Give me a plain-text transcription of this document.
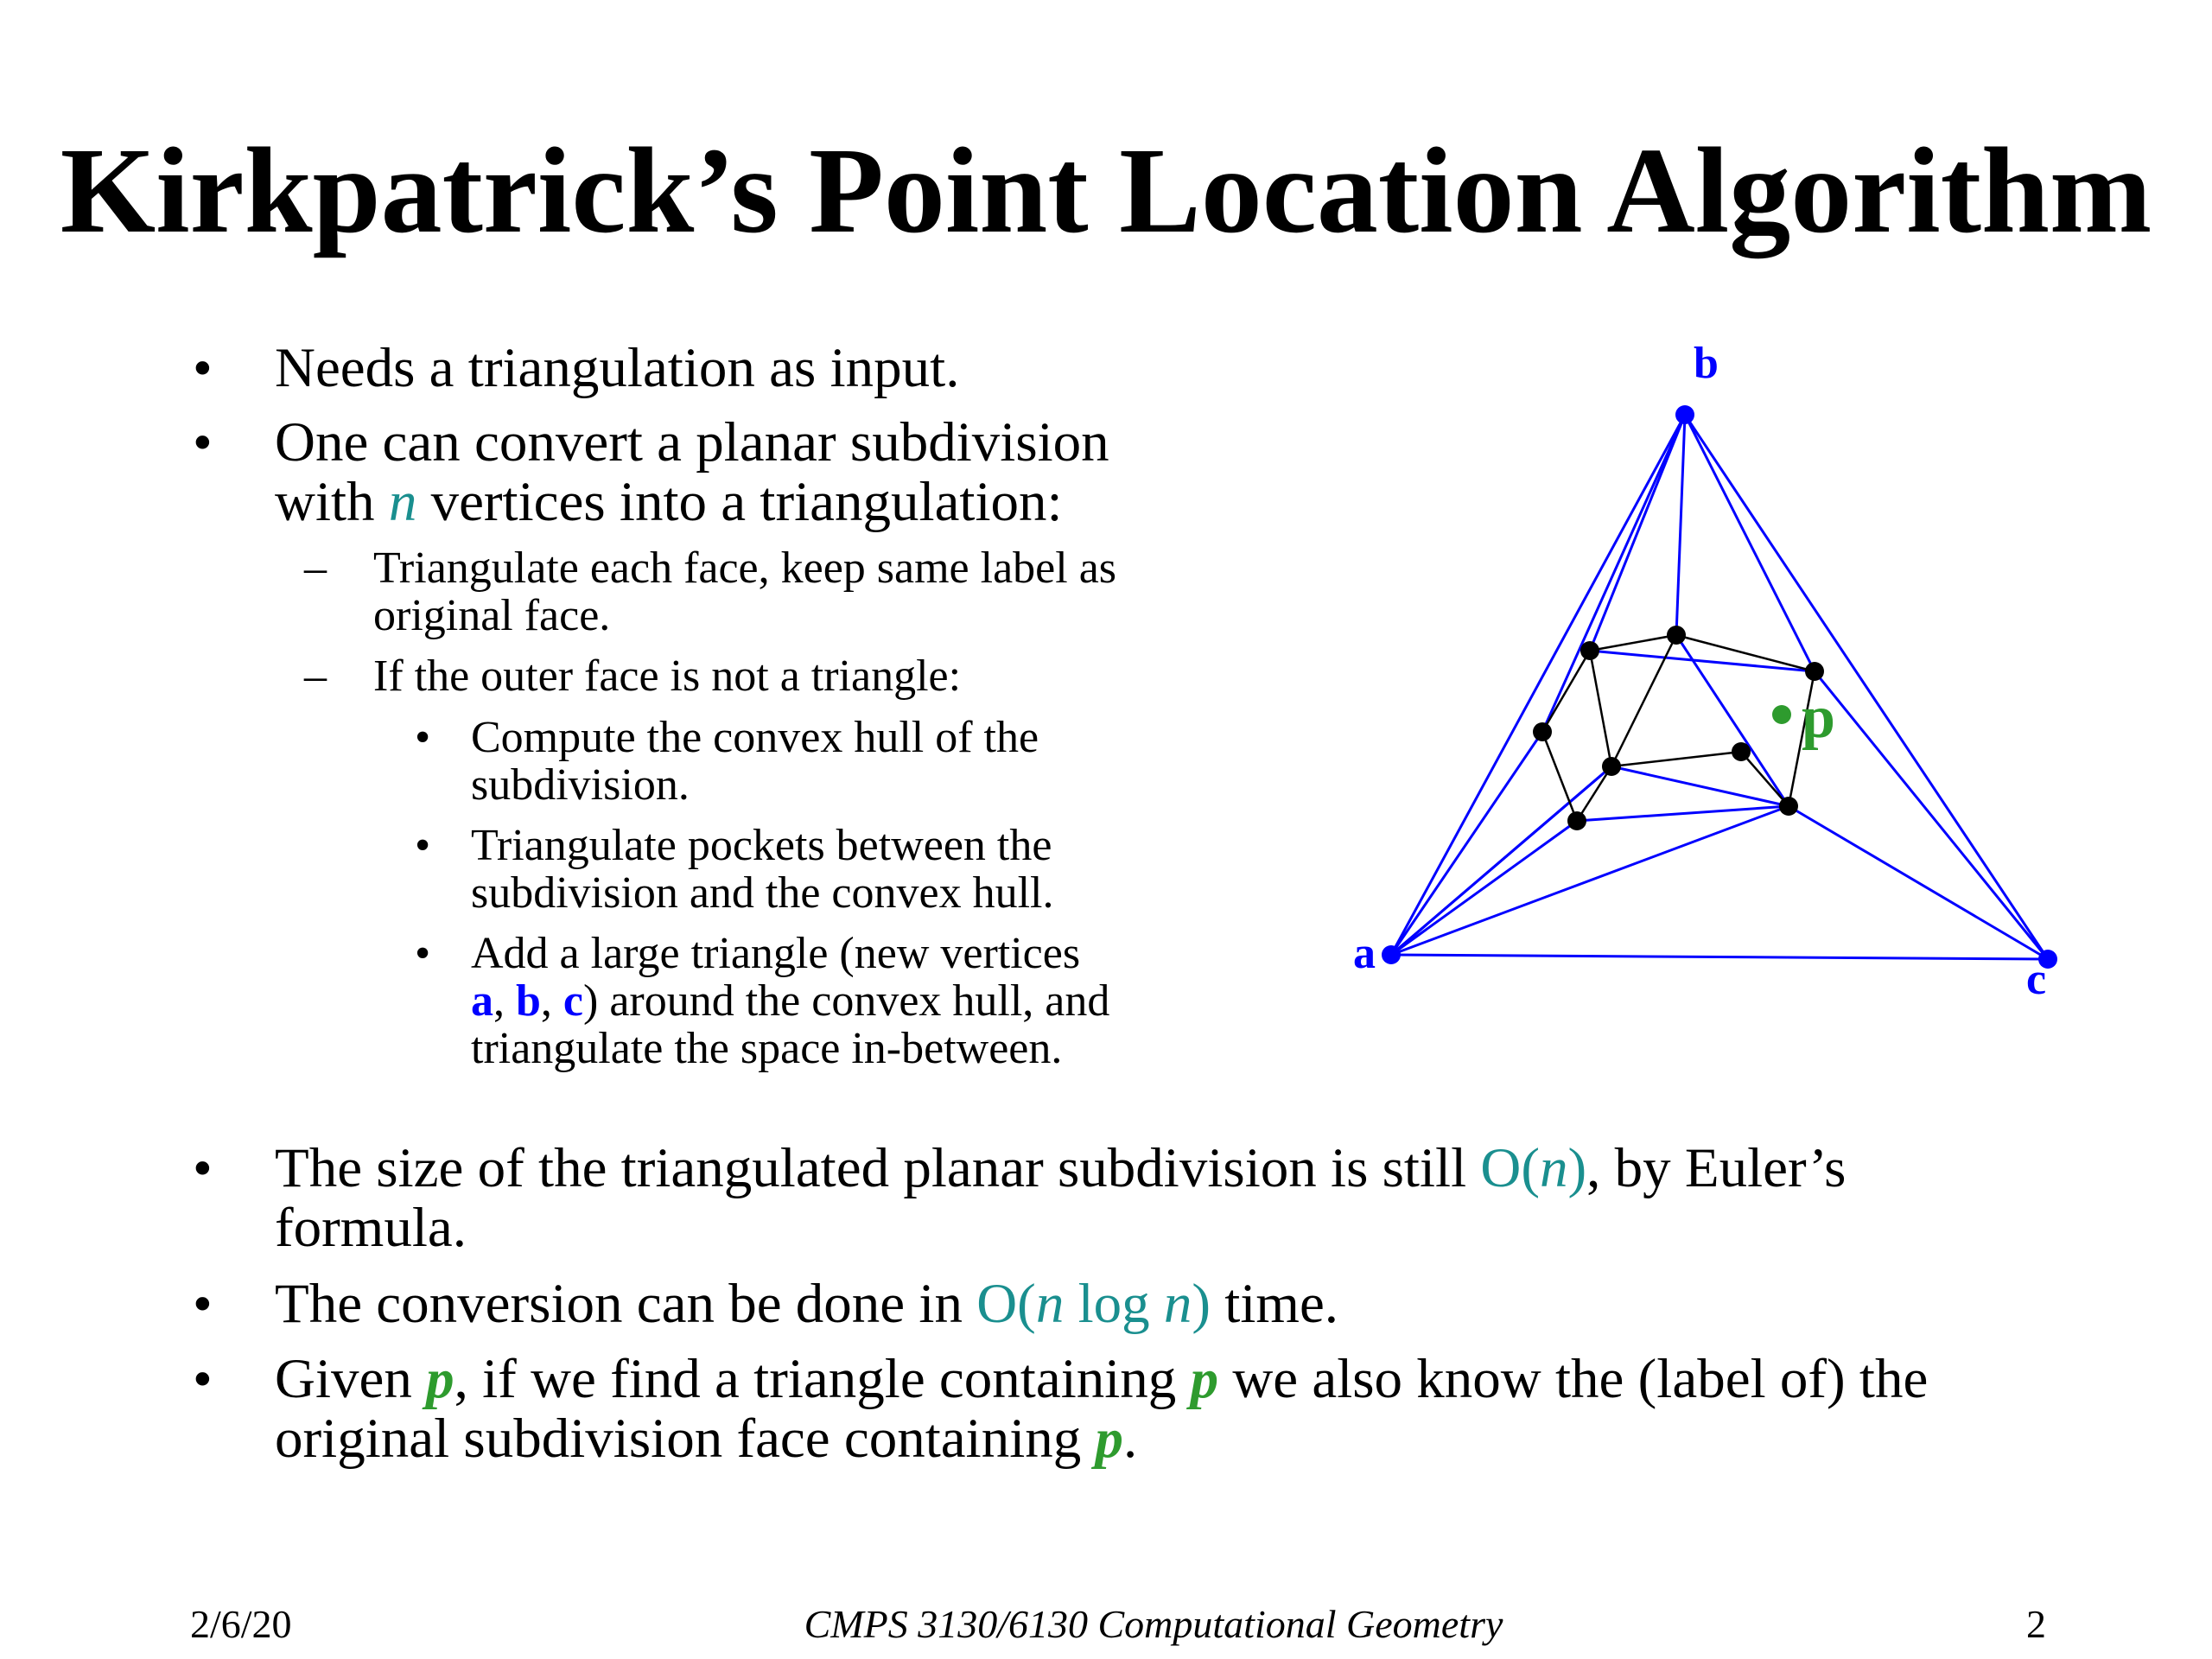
Kirkpatrick’s Point Location Algorithm
• Needs a triangulation as input.
• One can convert a planar subdivision
with n vertices into a triangulation:
– Triangulate each face, keep same label as
original face.
– If the outer face is not a triangle:
• Compute the convex hull of the
subdivision.
• Triangulate pockets between the
subdivision and the convex hull.
• Add a large triangle (new vertices
a, b, c) around the convex hull, and
triangulate the space in-between.
• The size of the triangulated planar subdivision is still O(n), by Euler’s
formula.
• The conversion can be done in O(n log n) time.
• Given p, if we find a triangle containing p we also know the (label of) the
original subdivision face containing p.
p
a
b
c
2/6/20	CMPS 3130/6130 Computational Geometry	2
